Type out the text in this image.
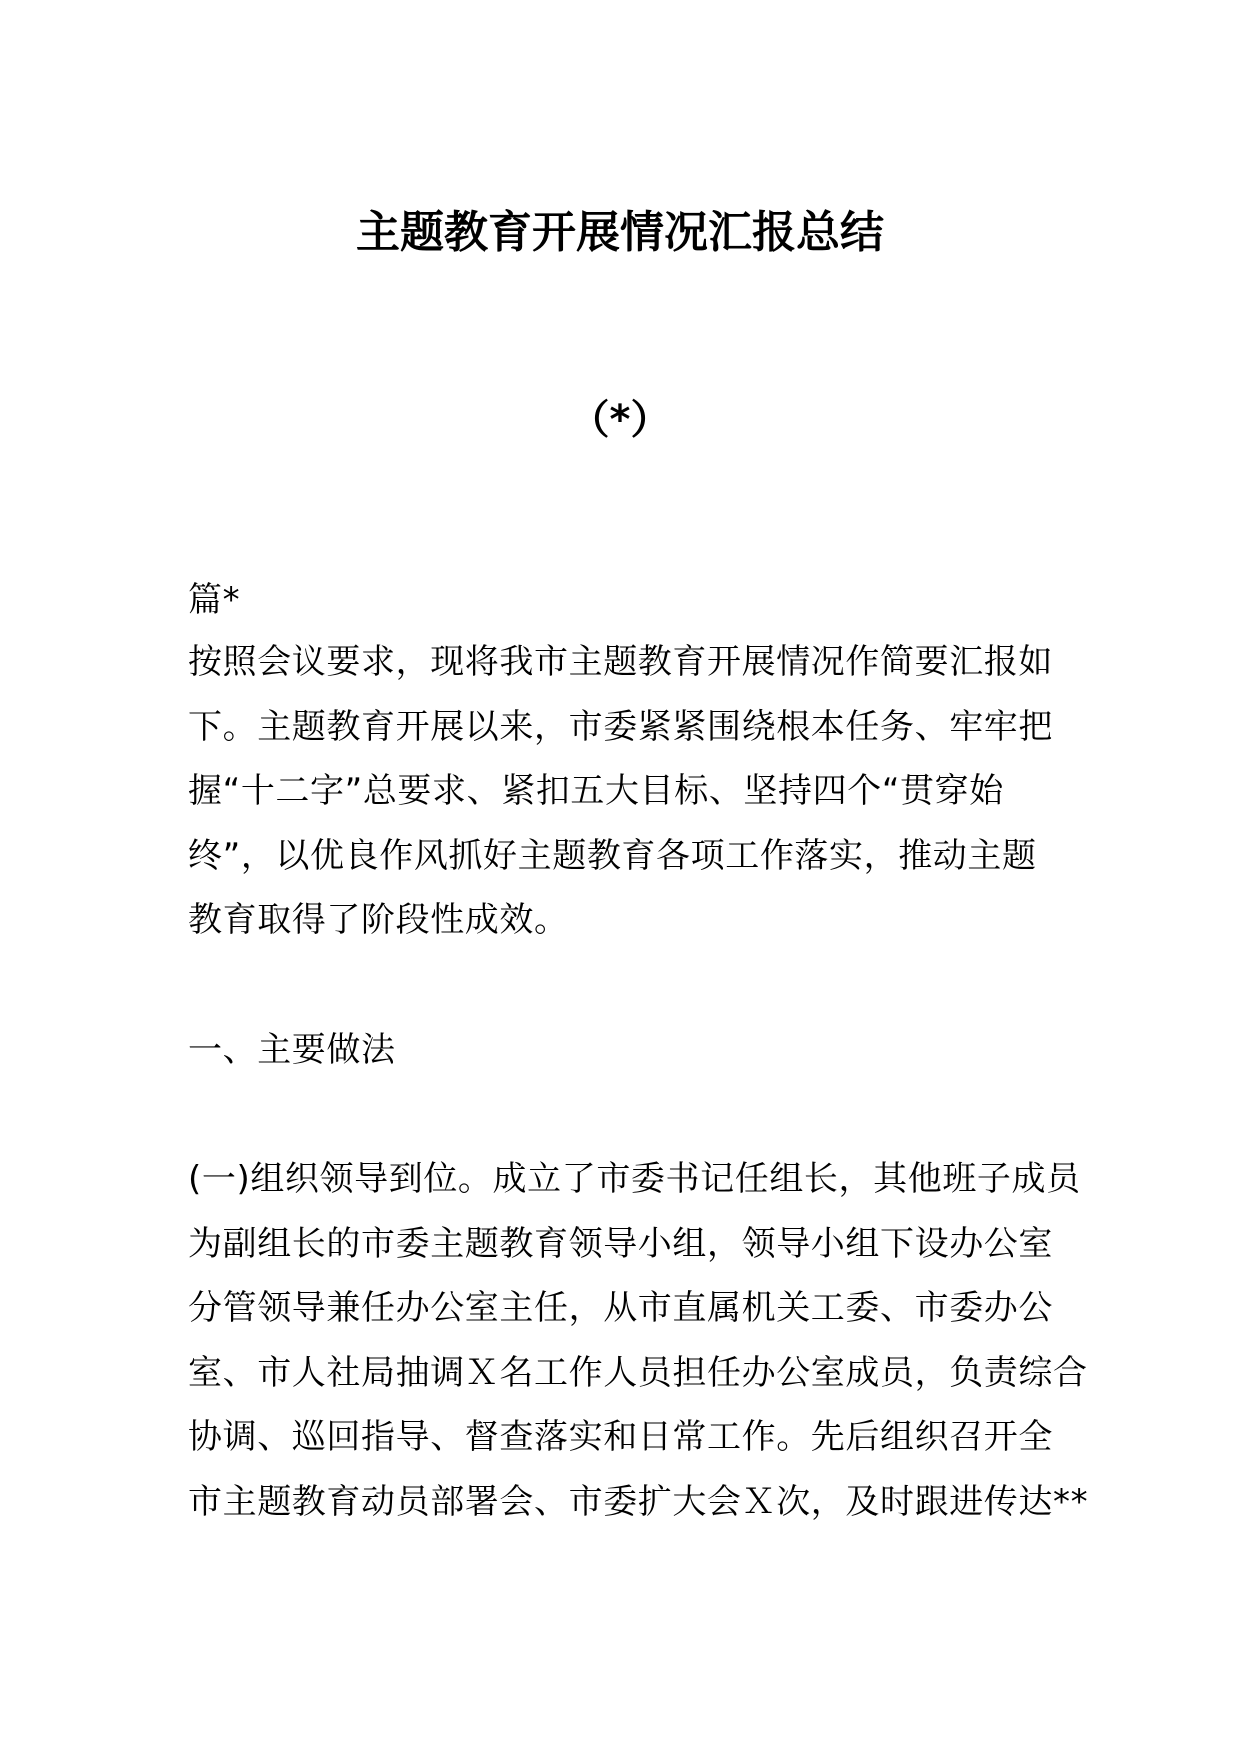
主题教育开展情况汇报总结
（*）
篇*
按照会议要求，现将我市主题教育开展情况作简要汇报如
下。主题教育开展以来，市委紧紧围绕根本任务、牢牢把
握“十二字”总要求、紧扣五大目标、坚持四个“贯穿始
终”，以优良作风抓好主题教育各项工作落实，推动主题
教育取得了阶段性成效。
一、主要做法
(一)组织领导到位。成立了市委书记任组长，其他班子成员
为副组长的市委主题教育领导小组，领导小组下设办公室
分管领导兼任办公室主任，从市直属机关工委、市委办公
室、市人社局抽调Ｘ名工作人员担任办公室成员，负责综合
协调、巡回指导、督查落实和日常工作。先后组织召开全
市主题教育动员部署会、市委扩大会Ｘ次，及时跟进传达**
